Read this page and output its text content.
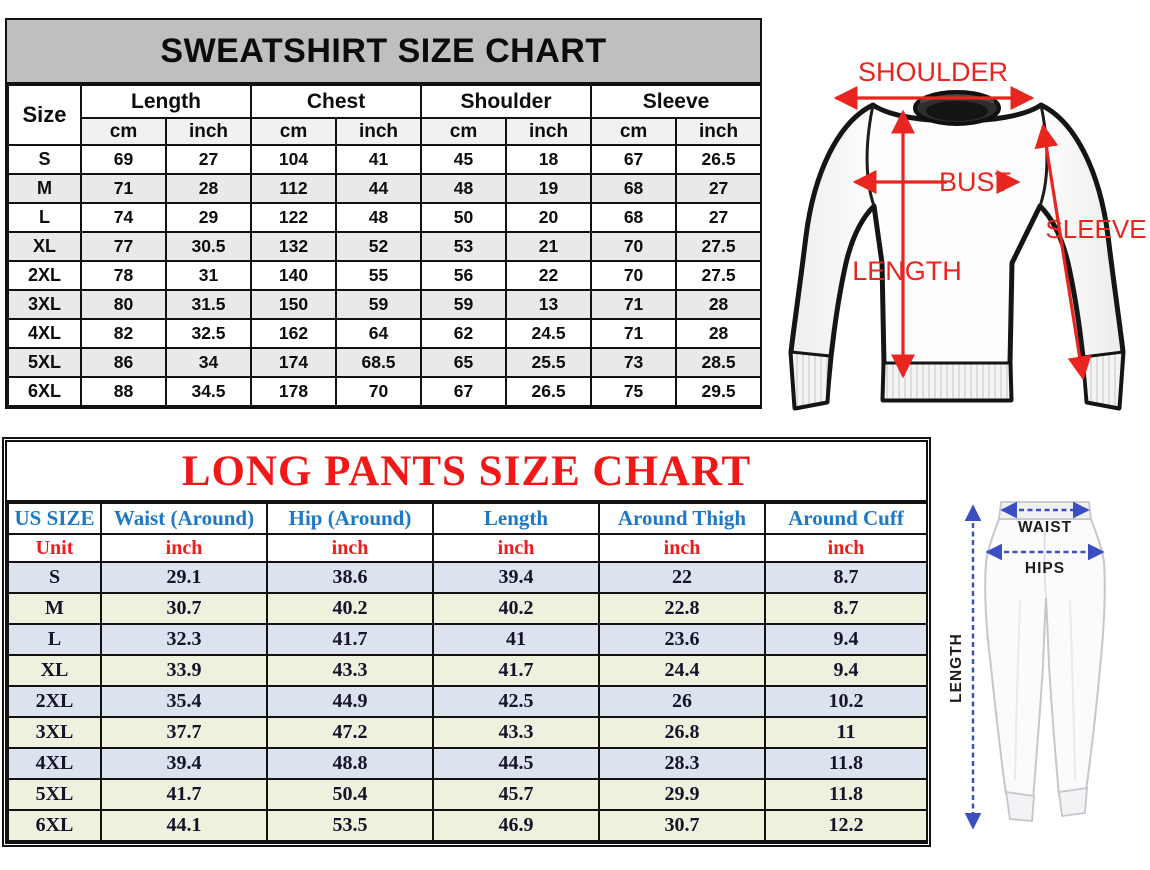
SWEATSHIRT SIZE CHART
Size	Length		Chest		Shoulder		Sleeve	
	cm	inch	cm	inch	cm	inch	cm	inch
S	69	27	104	41	45	18	67	26.5
M	71	28	112	44	48	19	68	27
L	74	29	122	48	50	20	68	27
XL	77	30.5	132	52	53	21	70	27.5
2XL	78	31	140	55	56	22	70	27.5
3XL	80	31.5	150	59	59	13	71	28
4XL	82	32.5	162	64	62	24.5	71	28
5XL	86	34	174	68.5	65	25.5	73	28.5
6XL	88	34.5	178	70	67	26.5	75	29.5
LONG PANTS SIZE CHART
US SIZE	Waist (Around)	Hip (Around)	Length	Around Thigh	Around Cuff
Unit	inch	inch	inch	inch	inch
S	29.1	38.6	39.4	22	8.7
M	30.7	40.2	40.2	22.8	8.7
L	32.3	41.7	41	23.6	9.4
XL	33.9	43.3	41.7	24.4	9.4
2XL	35.4	44.9	42.5	26	10.2
3XL	37.7	47.2	43.3	26.8	11
4XL	39.4	48.8	44.5	28.3	11.8
5XL	41.7	50.4	45.7	29.9	11.8
6XL	44.1	53.5	46.9	30.7	12.2
SHOULDER
BUST
LENGTH
SLEEVE
WAIST
HIPS
LENGTH
